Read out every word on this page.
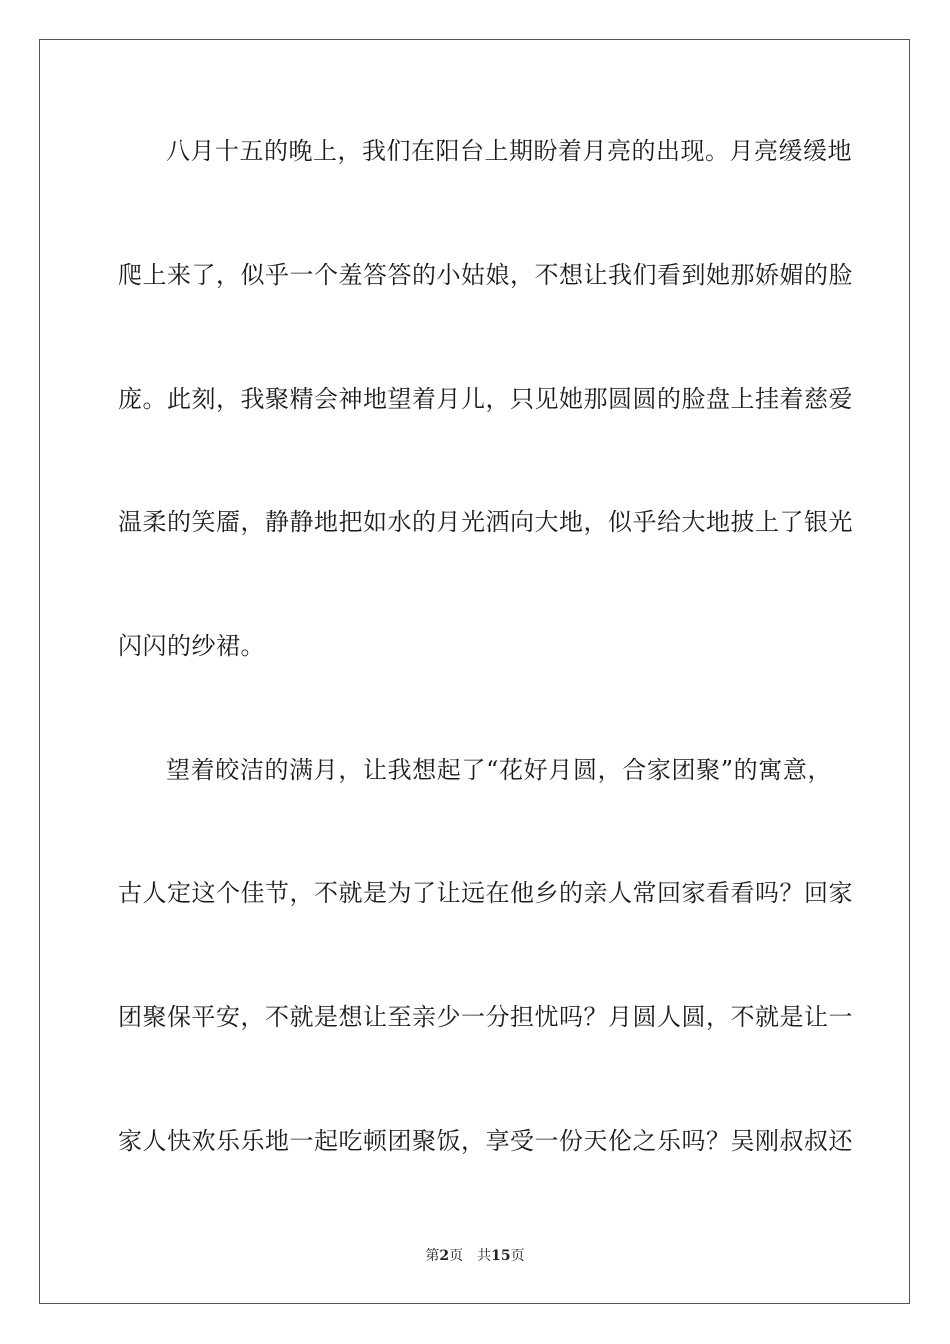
八月十五的晚上，我们在阳台上期盼着月亮的出现。月亮缓缓地
爬上来了，似乎一个羞答答的小姑娘，不想让我们看到她那娇媚的脸
庞。此刻，我聚精会神地望着月儿，只见她那圆圆的脸盘上挂着慈爱
温柔的笑靥，静静地把如水的月光洒向大地，似乎给大地披上了银光
闪闪的纱裙。
望着皎洁的满月，让我想起了“花好月圆，合家团聚”的寓意，
古人定这个佳节，不就是为了让远在他乡的亲人常回家看看吗？回家
团聚保平安，不就是想让至亲少一分担忧吗？月圆人圆，不就是让一
家人快欢乐乐地一起吃顿团聚饭，享受一份天伦之乐吗？吴刚叔叔还
第2页 共15页
